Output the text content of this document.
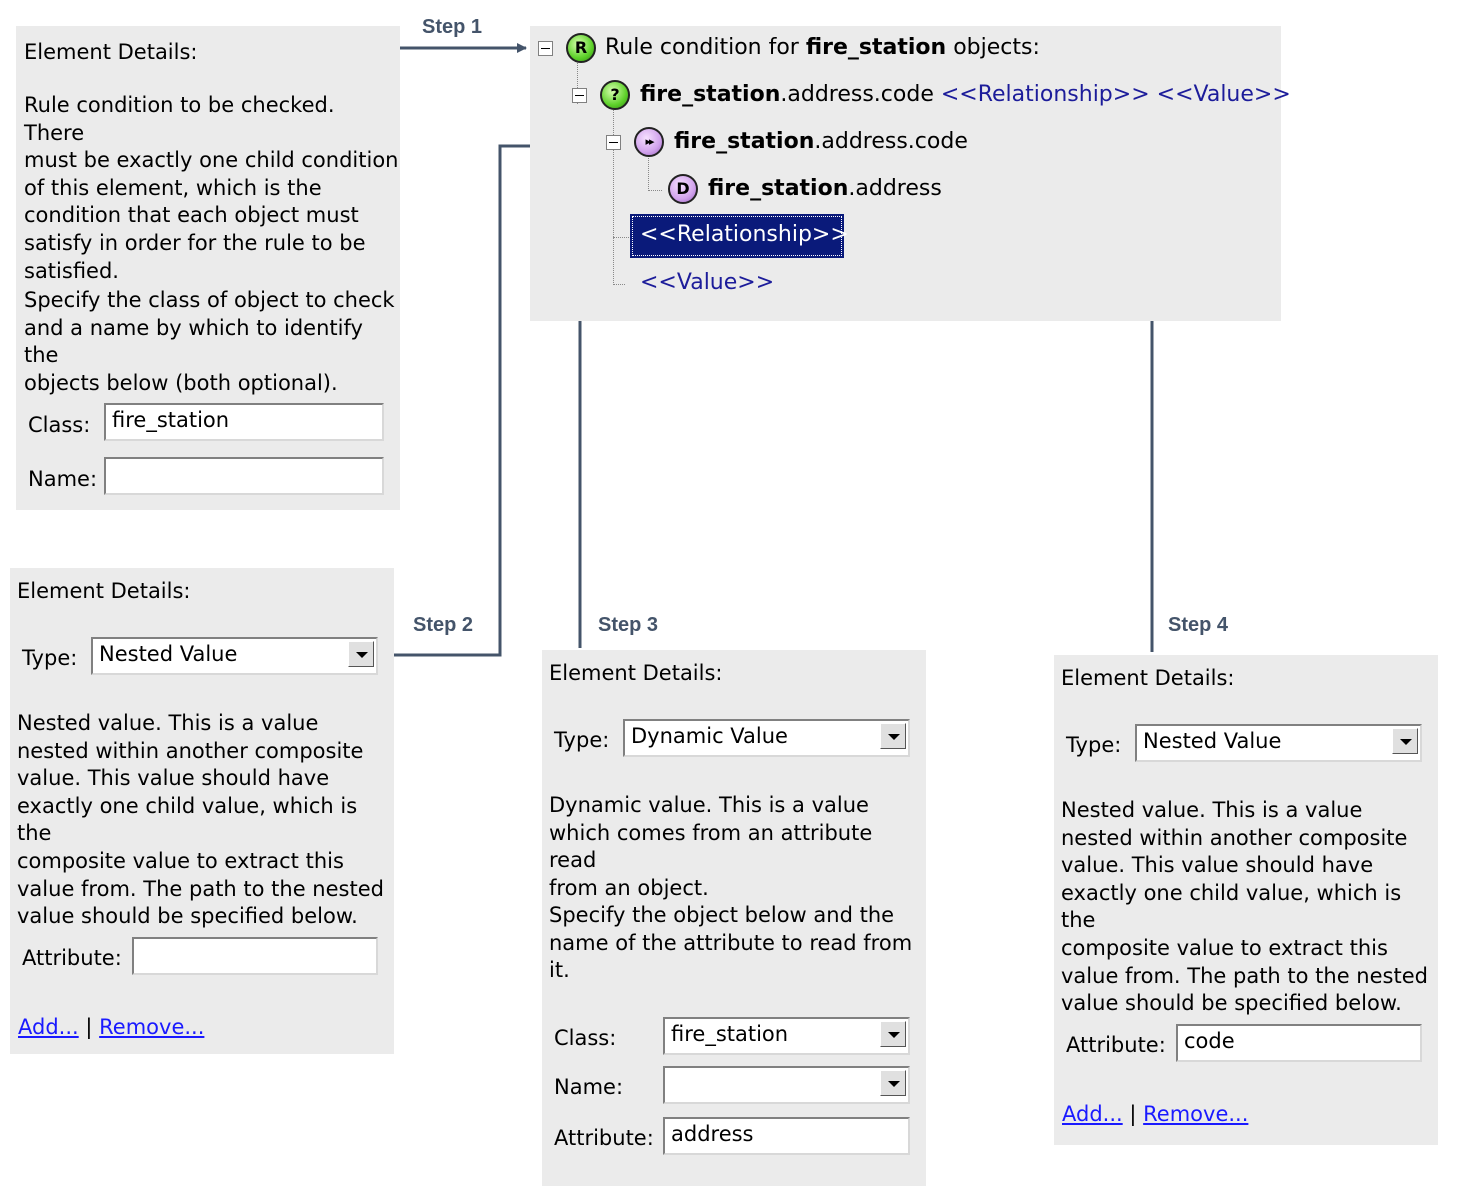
Step 1
Step 2	Step 3	Step 4
R Rule condition for fire_station objects:
? fire_station.address.code <<Relationship>> <<Value>>
▸▸ fire_station.address.code
D fire_station.address
<<Relationship>>
<<Value>>
Element Details:
Rule condition to be checked. There
must be exactly one child condition
of this element, which is the
condition that each object must
satisfy in order for the rule to be
satisfied.
Specify the class of object to check
and a name by which to identify the
objects below (both optional).
Class:	fire_station
Name:
Element Details:
Type:	Nested Value
Nested value. This is a value
nested within another composite
value. This value should have
exactly one child value, which is the
composite value to extract this
value from. The path to the nested
value should be specified below.
Attribute:
Add... | Remove...
Element Details:
Type:	Dynamic Value
Dynamic value. This is a value
which comes from an attribute read
from an object.
Specify the object below and the
name of the attribute to read from
it.
Class:	fire_station
Name:
Attribute: address
Element Details:
Type:	Nested Value
Nested value. This is a value
nested within another composite
value. This value should have
exactly one child value, which is the
composite value to extract this
value from. The path to the nested
value should be specified below.
Attribute: code
Add... | Remove...
